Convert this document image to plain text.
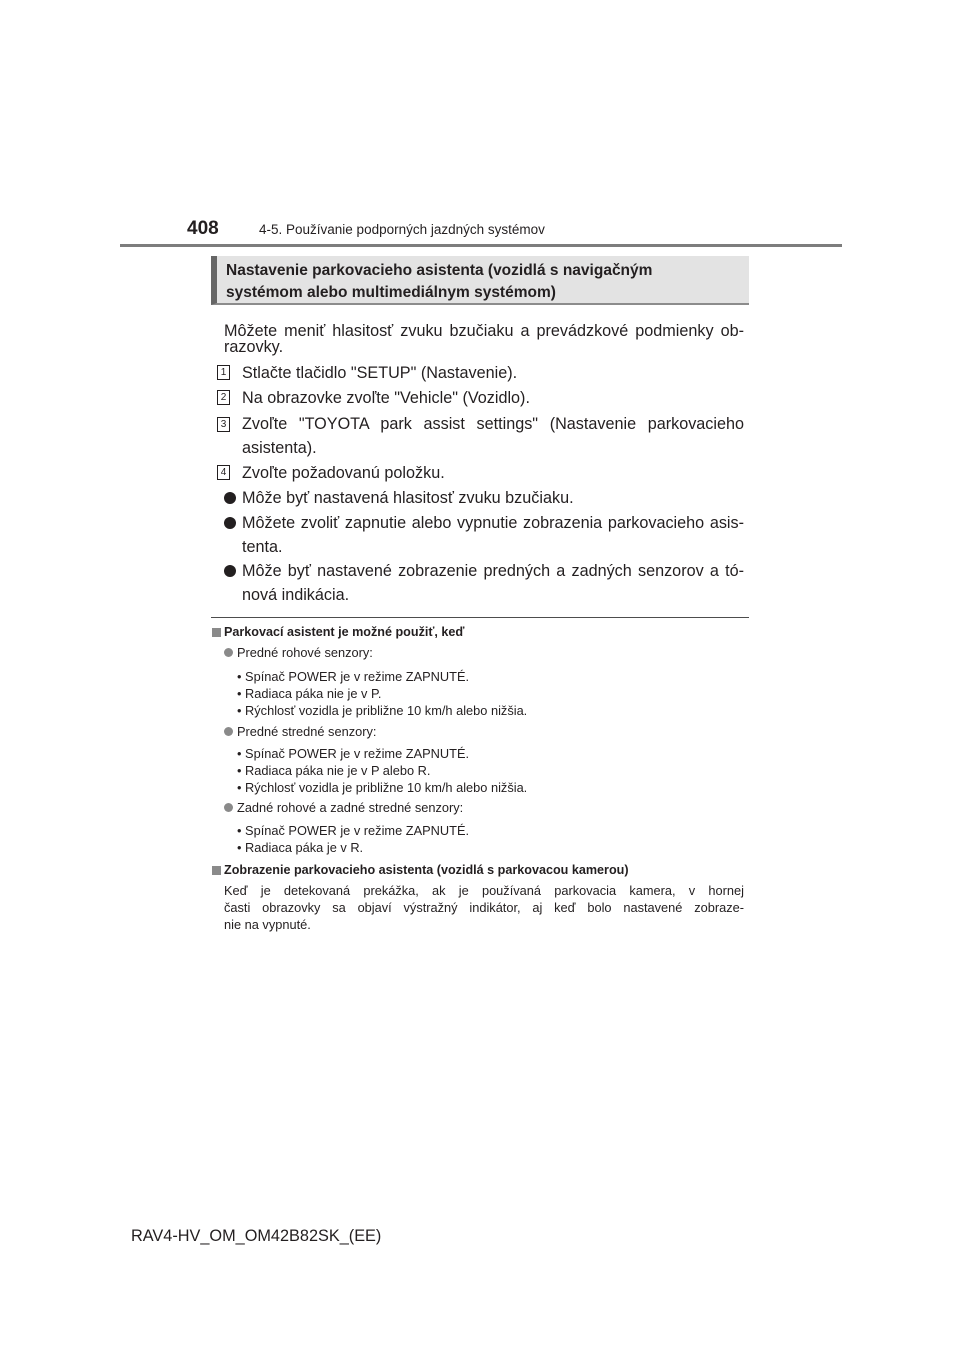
408	4-5. Používanie podporných jazdných systémov
Nastavenie parkovacieho asistenta (vozidlá s navigačným
systémom alebo multimediálnym systémom)
Môžete meniť hlasitosť zvuku bzučiaku a prevádzkové podmienky ob-
razovky.
1 Stlačte tlačidlo "SETUP" (Nastavenie).
2 Na obrazovke zvoľte "Vehicle" (Vozidlo).
3 Zvoľte "TOYOTA park assist settings" (Nastavenie parkovacieho
asistenta).
4 Zvoľte požadovanú položku.
Môže byť nastavená hlasitosť zvuku bzučiaku.
Môžete zvoliť zapnutie alebo vypnutie zobrazenia parkovacieho asis-
tenta.
Môže byť nastavené zobrazenie predných a zadných senzorov a tó-
nová indikácia.
Parkovací asistent je možné použiť, keď
Predné rohové senzory:
• Spínač POWER je v režime ZAPNUTÉ.
• Radiaca páka nie je v P.
• Rýchlosť vozidla je približne 10 km/h alebo nižšia.
Predné stredné senzory:
• Spínač POWER je v režime ZAPNUTÉ.
• Radiaca páka nie je v P alebo R.
• Rýchlosť vozidla je približne 10 km/h alebo nižšia.
Zadné rohové a zadné stredné senzory:
• Spínač POWER je v režime ZAPNUTÉ.
• Radiaca páka je v R.
Zobrazenie parkovacieho asistenta (vozidlá s parkovacou kamerou)
Keď je detekovaná prekážka, ak je používaná parkovacia kamera, v hornej
časti obrazovky sa objaví výstražný indikátor, aj keď bolo nastavené zobraze-
nie na vypnuté.
RAV4-HV_OM_OM42B82SK_(EE)
